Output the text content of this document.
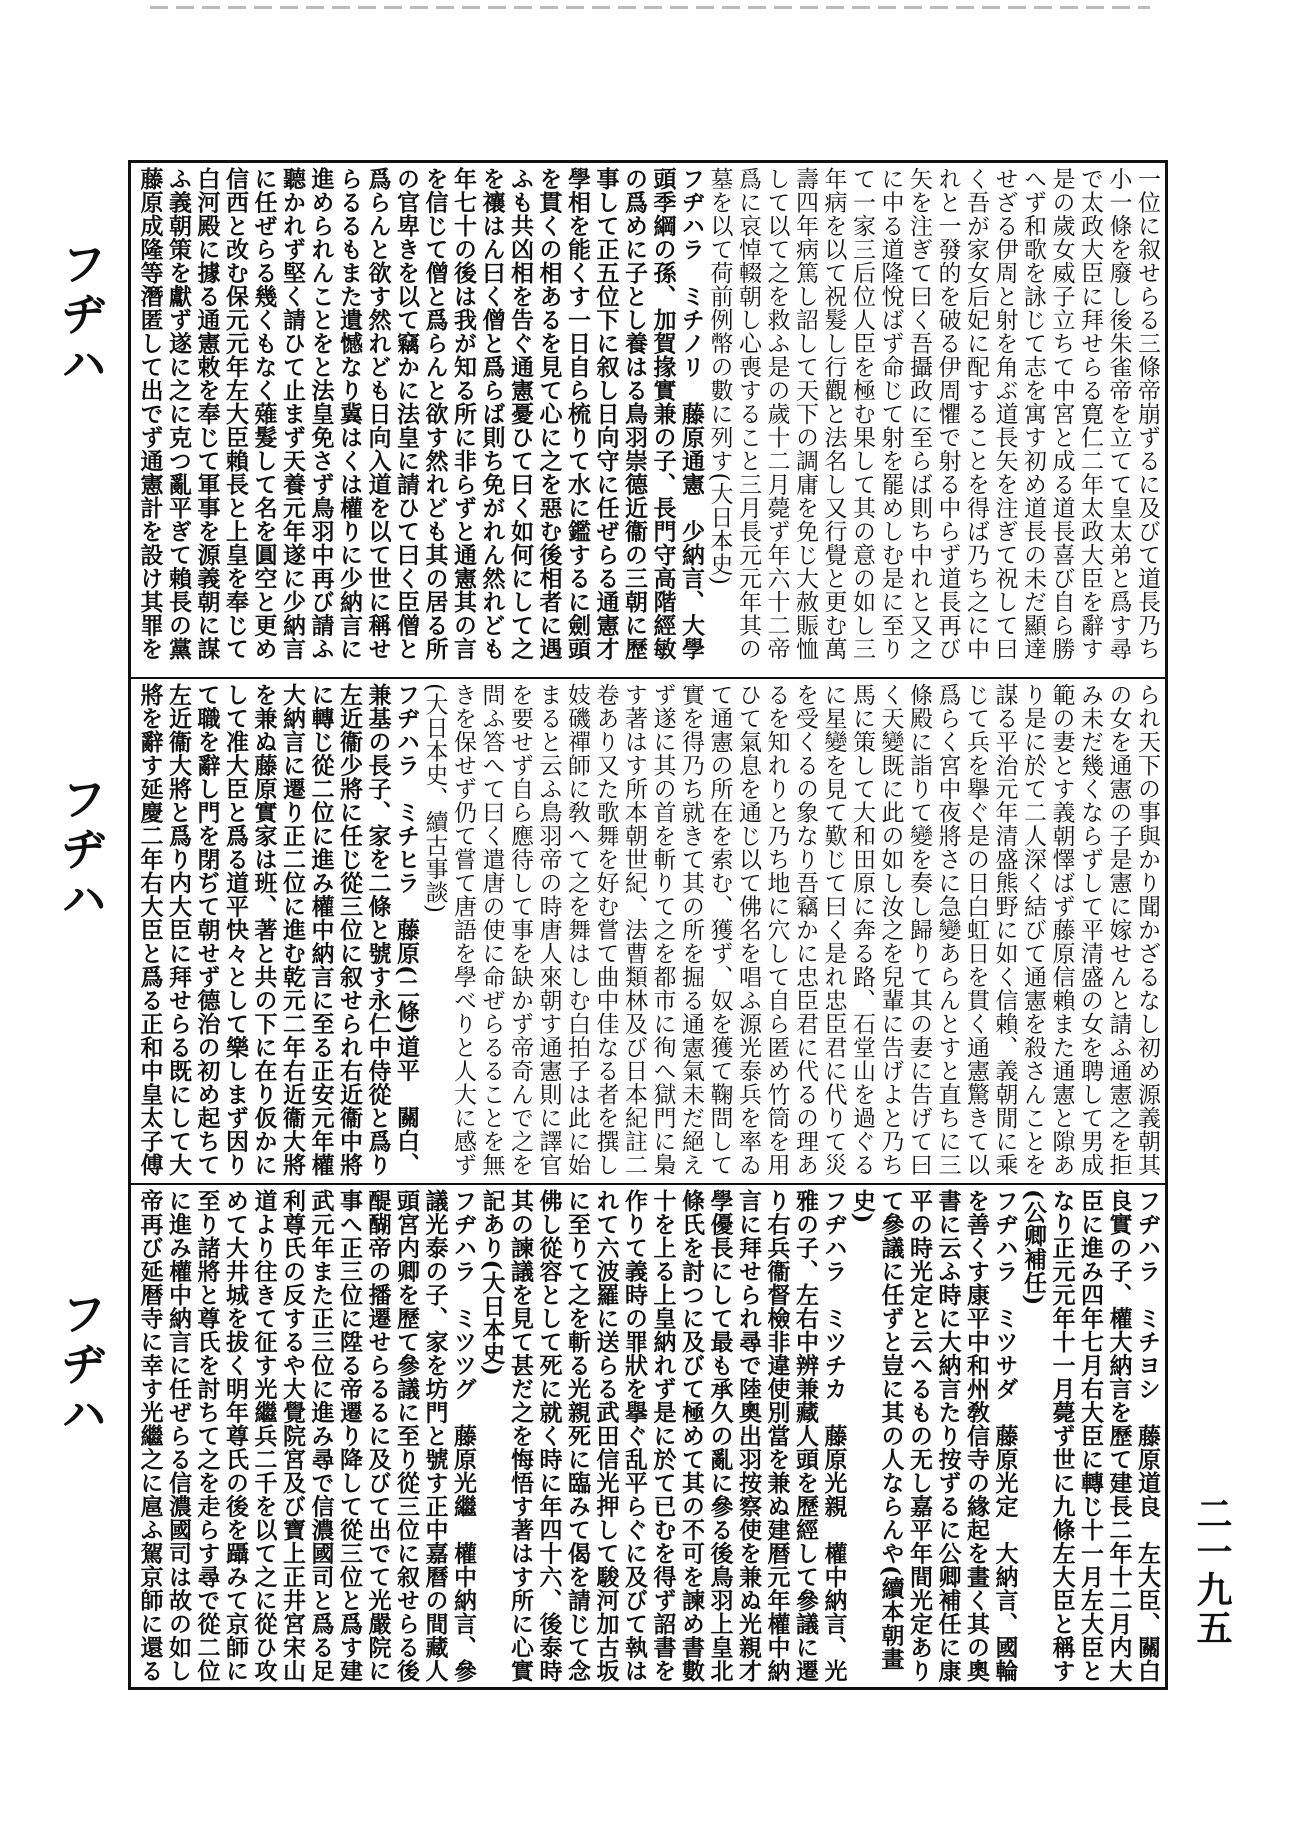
フヂハ
フヂハ
フヂハ

一位に叙せらる三條帝崩ずるに及びて道長乃ち小一條を廢し後朱雀帝を立てて皇太弟と爲す尋で太政大臣に拜せらる寛仁二年太政大臣を辭す是の歲女威子立ちて中宮と成る道長喜び自ら勝へず和歌を詠じて志を寓す初め道長の未だ顯達せざる伊周と射を角ぶ道長矢を注ぎて祝して曰く吾が家女后妃に配することを得ば乃ち之に中れと一發的を破る伊周懼で射る中らず道長再び矢を注ぎて曰く吾攝政に至らば則ち中れと又之に中る道隆悅ばず命じて射を罷めしむ是に至りて一家三后位人臣を極む果して其の意の如し三年病を以て祝髮し行觀と法名し又行覺と更む萬壽四年病篤し詔して天下の調庸を免じ大赦賑恤して以て之を救ふ是の歲十二月薨ず年六十二帝爲に哀悼輟朝し心喪すること三月長元元年其の墓を以て荷前例幣の數に列す(大日本史)

フヂハラ　ミチノリ　藤原通憲　少納言、大學頭季綱の孫、加賀掾實兼の子、長門守高階經敏の爲めに子とし養はる鳥羽崇德近衞の三朝に歷事して正五位下に叙し日向守に任ぜらる通憲才學相を能くす一日自ら梳りて水に鑑するに劍頭を貫くの相あるを見て心に之を惡む後相者に遇ふも共凶相を告ぐ通憲憂ひて曰く如何にして之を禳はん曰く僧と爲らば則ち免がれん然れども年七十の後は我が知る所に非らずと通憲其の言を信じて僧と爲らんと欲す然れども其の居る所の官卑きを以て竊かに法皇に請ひて曰く臣僧と爲らんと欲す然れども日向入道を以て世に稱せらるるもまた遺憾なり冀はくは權りに少納言に進められんことをと法皇免さず鳥羽中再び請ふ聽かれず堅く請ひて止まず天養元年遂に少納言に任ぜらる幾くもなく薙髮して名を圓空と更め信西と改む保元元年左大臣賴長と上皇を奉じて白河殿に據る通憲敕を奉じて軍事を源義朝に謀ふ義朝策を獻ず遂に之に克つ亂平ぎて賴長の黨藤原成隆等潛匿して出でず通憲計を設け其罪を

られ天下の事與かり聞かざるなし初め源義朝其の女を通憲の子是憲に嫁せんと請ふ通憲之を拒み未だ幾くならずして平清盛の女を聘して男成範の妻とす義朝懌ばず藤原信賴また通憲と隙あり是に於て二人深く結びて通憲を殺さんことを謀る平治元年清盛熊野に如く信賴、義朝閒に乘じて兵を擧ぐ是の日白虹日を貫く通憲驚きて以爲らく宮中夜將さに急變あらんとすと直ちに三條殿に詣りて變を奏し歸りて其の妻に告げて曰く天變既に此の如し汝之を兒輩に告げよと乃ち馬に策して大和田原に奔る路、石堂山を過ぐるに星變を見て歎じて曰く是れ忠臣君に代りて災を受くるの象なり吾竊かに忠臣君に代るの理あるを知れりと乃ち地に穴して自ら匿め竹筒を用ひて氣息を通じ以て佛名を唱ふ源光泰兵を率ゐて通憲の所在を索む、獲ず、奴を獲て鞠問して實を得乃ち就きて其の所を掘る通憲氣未だ絕えず遂に其の首を斬りて之を都市に徇へ獄門に梟す著はす所本朝世紀、法曹類林及び日本紀註二卷あり又た歌舞を好む嘗て曲中佳なる者を撰し妓磯禪師に敎へて之を舞はしむ白拍子は此に始まると云ふ鳥羽帝の時唐人來朝す通憲則に譯官を要せず自ら應待して事を缺かず帝奇んで之を問ふ答へて曰く遣唐の使に命ぜらるることを無きを保せず仍て嘗て唐語を學べりと人大に感ず(大日本史、續古事談)

フヂハラ　ミチヒラ　藤原(二條)道平　關白、兼基の長子、家を二條と號す永仁中侍從と爲り左近衞少將に任じ從三位に叙せられ右近衞中將に轉じ從二位に進み權中納言に至る正安元年權大納言に遷り正二位に進む乾元二年右近衞大將を兼ぬ藤原實家は班、著と共の下に在り仮かにして准大臣と爲る道平快々として樂しまず因りて職を辭し門を閉ぢて朝せず德治の初め起ちて左近衞大將と爲り内大臣に拜せらる既にして大將を辭す延慶二年右大臣と爲る正和中皇太子傅

フヂハラ　ミチヨシ　藤原道良　左大臣、關白良實の子、權大納言を歷て建長二年十二月内大臣に進み四年七月右大臣に轉じ十一月左大臣となり正元元年十一月薨ず世に九條左大臣と稱す(公卿補任)

フヂハラ　ミツサダ　藤原光定　大納言、國輪を善くす康平中和州敎信寺の緣起を畫く其の奧書に云ふ時に大納言たり按ずるに公卿補任に康平の時光定と云へるもの无し嘉平年間光定ありて參議に任ずと豈に其の人ならんや(續本朝畫史)

フヂハラ　ミツチカ　藤原光親　權中納言、光雅の子、左右中辨兼藏人頭を歷經して參議に遷り右兵衞督檢非違使別當を兼ぬ建暦元年權中納言に拜せられ尋で陸奧出羽按察使を兼ぬ光親才學優長にして最も承久の亂に參る後鳥羽上皇北條氏を討つに及びて極めて其の不可を諫め書數十を上る上皇納れず是に於て已むを得ず詔書を作りて義時の罪狀を擧ぐ乱平らぐに及びて執はれて六波羅に送らる武田信光押して駿河加古坂に至りて之を斬る光親死に臨みて偈を請じて念佛し從容として死に就く時に年四十六、後泰時其の諫議を見て甚だ之を悔悟す著はす所に心實記あり(大日本史)

フヂハラ　ミツツグ　藤原光繼　權中納言、參議光泰の子、家を坊門と號す正中嘉曆の間藏人頭宮内卿を歷て參議に至り從三位に叙せらる後醍醐帝の播遷せらるるに及びて出でて光嚴院に事へ正三位に陞る帝遷り降して從三位と爲す建武元年また正三位に進み尋で信濃國司と爲る足利尊氏の反するや大覺院宮及び寶上正井宮宋山道より往きて征す光繼兵二千を以て之に從ひ攻めて大井城を拔く明年尊氏の後を躡みて京師に至り諸將と尊氏を討ちて之を走らす尋で從二位に進み權中納言に任ぜらる信濃國司は故の如し帝再び延暦寺に幸す光繼之に扈ふ駕京師に還る

二一九五
